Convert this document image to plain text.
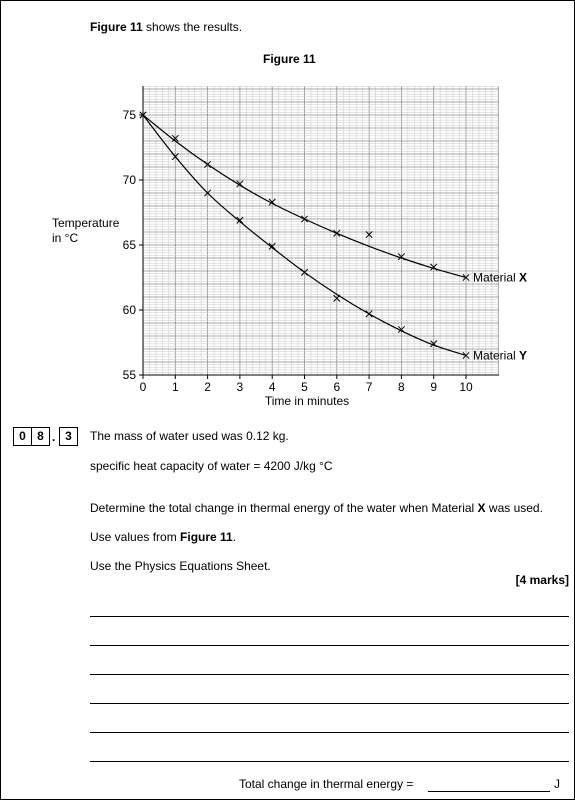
Figure 11 shows the results.
Figure 11
0 1 2 3 4 5 6 7 8 9 10
55
60
65
70
75
Time in minutes
Temperature
in °C
Material X
Material Y
0 8 . 3	The mass of water used was 0.12 kg.
specific heat capacity of water = 4200 J/kg °C
Determine the total change in thermal energy of the water when Material X was used.
Use values from Figure 11.
Use the Physics Equations Sheet.
[4 marks]
Total change in thermal energy =	J
